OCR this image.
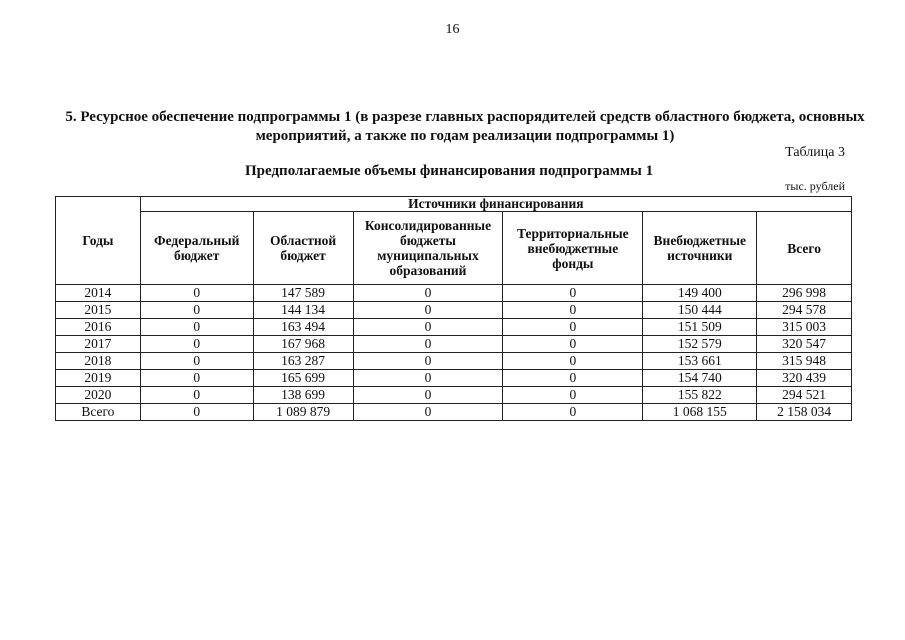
16
5. Ресурсное обеспечение подпрограммы 1 (в разрезе главных распорядителей средств областного бюджета, основных мероприятий, а также по годам реализации подпрограммы 1)
Таблица 3
Предполагаемые объемы финансирования подпрограммы 1
тыс. рублей
Годы	Источники финансирования					
	Федеральный бюджет	Областной бюджет	Консолидированные бюджеты муниципальных образований	Территориальные внебюджетные фонды	Внебюджетные источники	Всего
2014	0	147 589	0	0	149 400	296 998
2015	0	144 134	0	0	150 444	294 578
2016	0	163 494	0	0	151 509	315 003
2017	0	167 968	0	0	152 579	320 547
2018	0	163 287	0	0	153 661	315 948
2019	0	165 699	0	0	154 740	320 439
2020	0	138 699	0	0	155 822	294 521
Всего	0	1 089 879	0	0	1 068 155	2 158 034
